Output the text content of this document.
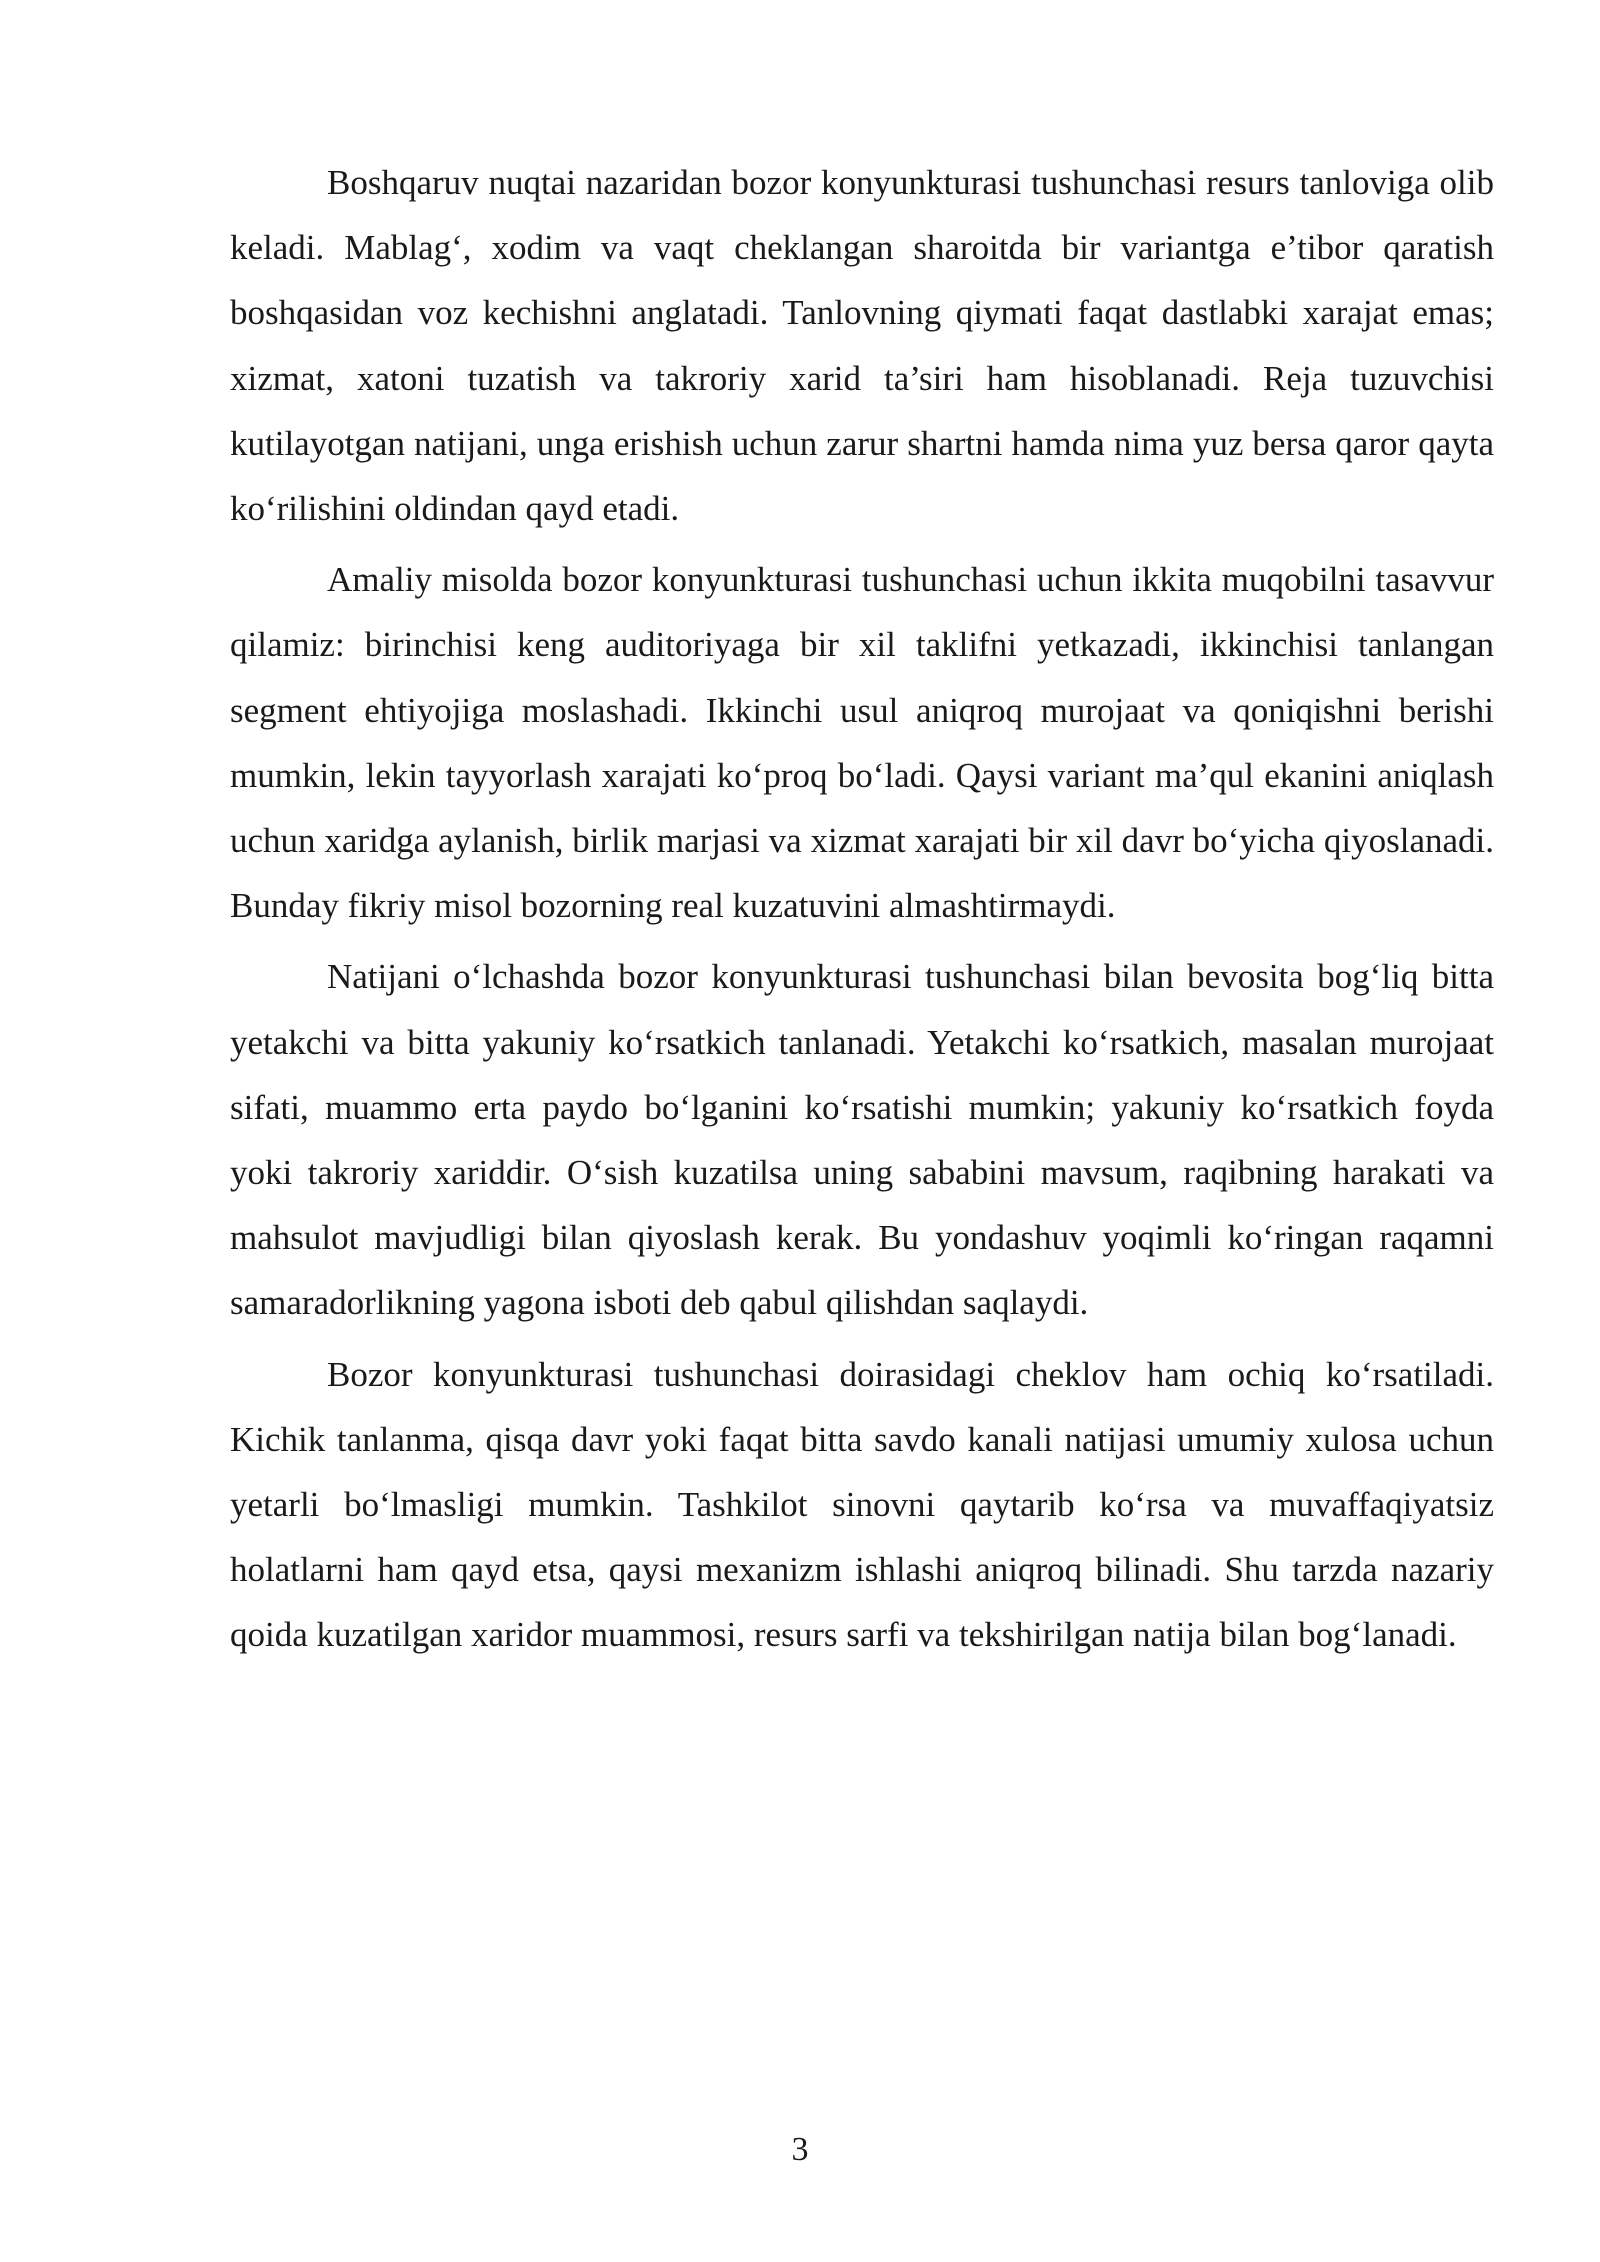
Boshqaruv nuqtai nazaridan bozor konyunkturasi tushunchasi resurs tanloviga olib keladi. Mablag‘, xodim va vaqt cheklangan sharoitda bir variantga e’tibor qaratish boshqasidan voz kechishni anglatadi. Tanlovning qiymati faqat dastlabki xarajat emas; xizmat, xatoni tuzatish va takroriy xarid ta’siri ham hisoblanadi. Reja tuzuvchisi kutilayotgan natijani, unga erishish uchun zarur shartni hamda nima yuz bersa qaror qayta ko‘rilishini oldindan qayd etadi.

Amaliy misolda bozor konyunkturasi tushunchasi uchun ikkita muqobilni tasavvur qilamiz: birinchisi keng auditoriyaga bir xil taklifni yetkazadi, ikkinchisi tanlangan segment ehtiyojiga moslashadi. Ikkinchi usul aniqroq murojaat va qoniqishni berishi mumkin, lekin tayyorlash xarajati ko‘proq bo‘ladi. Qaysi variant ma’qul ekanini aniqlash uchun xaridga aylanish, birlik marjasi va xizmat xarajati bir xil davr bo‘yicha qiyoslanadi. Bunday fikriy misol bozorning real kuzatuvini almashtirmaydi.

Natijani o‘lchashda bozor konyunkturasi tushunchasi bilan bevosita bog‘liq bitta yetakchi va bitta yakuniy ko‘rsatkich tanlanadi. Yetakchi ko‘rsatkich, masalan murojaat sifati, muammo erta paydo bo‘lganini ko‘rsatishi mumkin; yakuniy ko‘rsatkich foyda yoki takroriy xariddir. O‘sish kuzatilsa uning sababini mavsum, raqibning harakati va mahsulot mavjudligi bilan qiyoslash kerak. Bu yondashuv yoqimli ko‘ringan raqamni samaradorlikning yagona isboti deb qabul qilishdan saqlaydi.

Bozor konyunkturasi tushunchasi doirasidagi cheklov ham ochiq ko‘rsatiladi. Kichik tanlanma, qisqa davr yoki faqat bitta savdo kanali natijasi umumiy xulosa uchun yetarli bo‘lmasligi mumkin. Tashkilot sinovni qaytarib ko‘rsa va muvaffaqiyatsiz holatlarni ham qayd etsa, qaysi mexanizm ishlashi aniqroq bilinadi. Shu tarzda nazariy qoida kuzatilgan xaridor muammosi, resurs sarfi va tekshirilgan natija bilan bog‘lanadi.

3
